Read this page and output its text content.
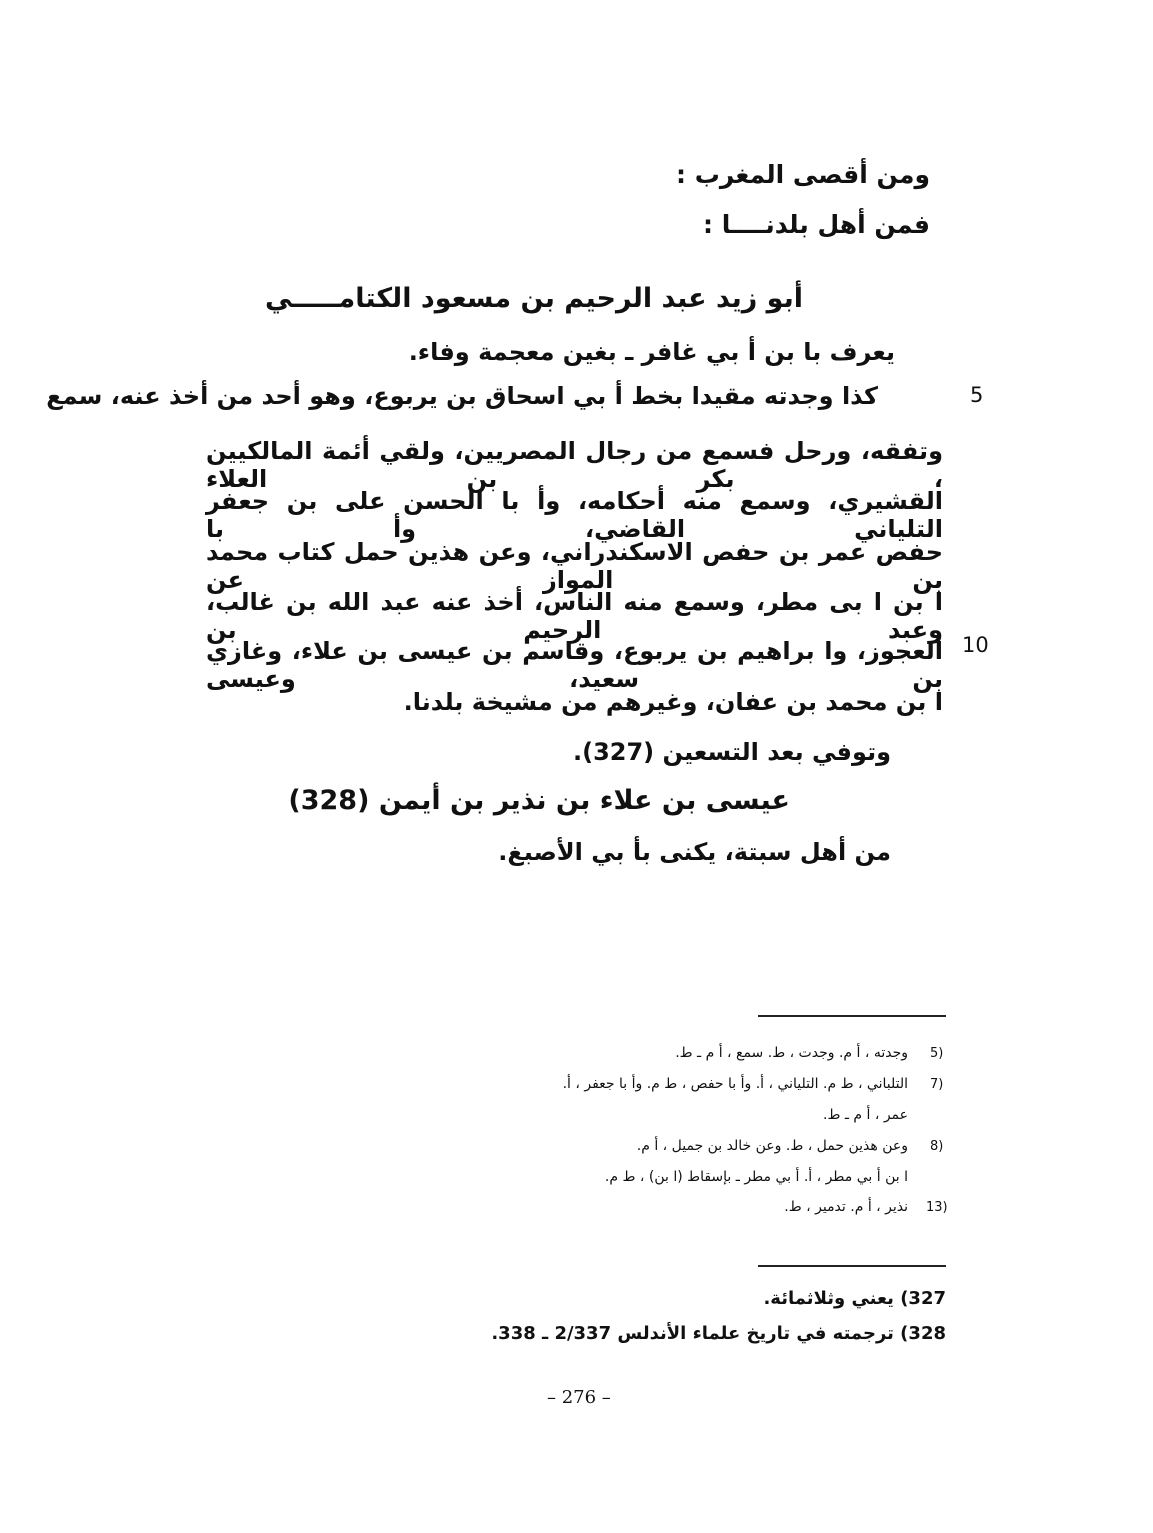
ومن أقصى المغرب :
فمن أهل بلدنــــا :
أبو زيد عبد الرحيم بن مسعود الكتامـــــي
يعرف با بن أ بي غافر ـ بغين معجمة وفاء.
كذا وجدته مقيدا بخط أ بي اسحاق بن يربوع، وهو أحد من أخذ عنه، سمع
وتفقه، ورحل فسمع من رجال المصريين، ولقي أئمة المالكيين ، بكر بن العلاء
القشيري، وسمع منه أحكامه، وأ با الحسن على بن جعفر التلياني القاضي، وأ با
حفص عمر بن حفص الاسكندراني، وعن هذين حمل كتاب محمد بن المواز عن
ا بن ا بى مطر، وسمع منه الناس، أخذ عنه عبد الله بن غالب، وعبد الرحيم بن
العجوز، وا براهيم بن يربوع، وقاسم بن عيسى بن علاء، وغازي بن سعيد، وعيسى
ا بن محمد بن عفان، وغيرهم من مشيخة بلدنا.
وتوفي بعد التسعين (327).
5
10
عيسى بن علاء بن نذير بن أيمن (328)
من أهل سبتة، يكنى بأ بي الأصبغ.
5)
وجدته ، أ م. وجدت ، ط. سمع ، أ م ـ ط.
7)
التلباني ، ط م. التلياني ، أ. وأ با حفص ، ط م. وأ با جعفر ، أ.
عمر ، أ م ـ ط.
8)
وعن هذين حمل ، ط. وعن خالد بن جميل ، أ م.
ا بن أ بي مطر ، أ. أ بي مطر ـ بإسقاط (ا بن) ، ط م.
13)
نذير ، أ م. تدمير ، ط.
327) يعني وثلاثمائة.
328) ترجمته في تاريخ علماء الأندلس 2/337 ـ 338.
– 276 –
